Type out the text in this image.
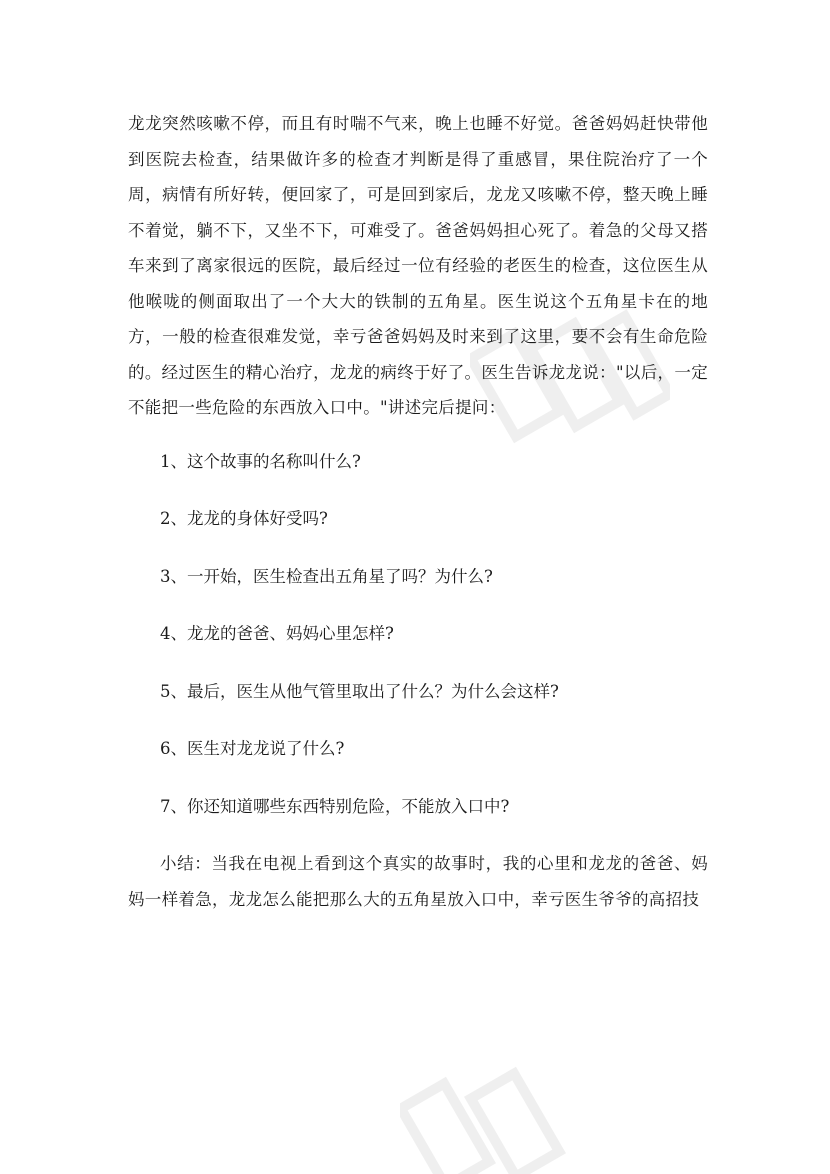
龙龙突然咳嗽不停，而且有时喘不气来，晚上也睡不好觉。爸爸妈妈赶快带他到医院去检查，结果做许多的检查才判断是得了重感冒，果住院治疗了一个周，病情有所好转，便回家了，可是回到家后，龙龙又咳嗽不停，整天晚上睡不着觉，躺不下，又坐不下，可难受了。爸爸妈妈担心死了。着急的父母又搭车来到了离家很远的医院，最后经过一位有经验的老医生的检查，这位医生从他喉咙的侧面取出了一个大大的铁制的五角星。医生说这个五角星卡在的地方，一般的检查很难发觉，幸亏爸爸妈妈及时来到了这里，要不会有生命危险的。经过医生的精心治疗，龙龙的病终于好了。医生告诉龙龙说："以后，一定不能把一些危险的东西放入口中。"讲述完后提问：

1、这个故事的名称叫什么?

2、龙龙的身体好受吗?

3、一开始，医生检查出五角星了吗？为什么?

4、龙龙的爸爸、妈妈心里怎样?

5、最后，医生从他气管里取出了什么？为什么会这样?

6、医生对龙龙说了什么?

7、你还知道哪些东西特别危险，不能放入口中?

小结：当我在电视上看到这个真实的故事时，我的心里和龙龙的爸爸、妈妈一样着急，龙龙怎么能把那么大的五角星放入口中，幸亏医生爷爷的高招技
